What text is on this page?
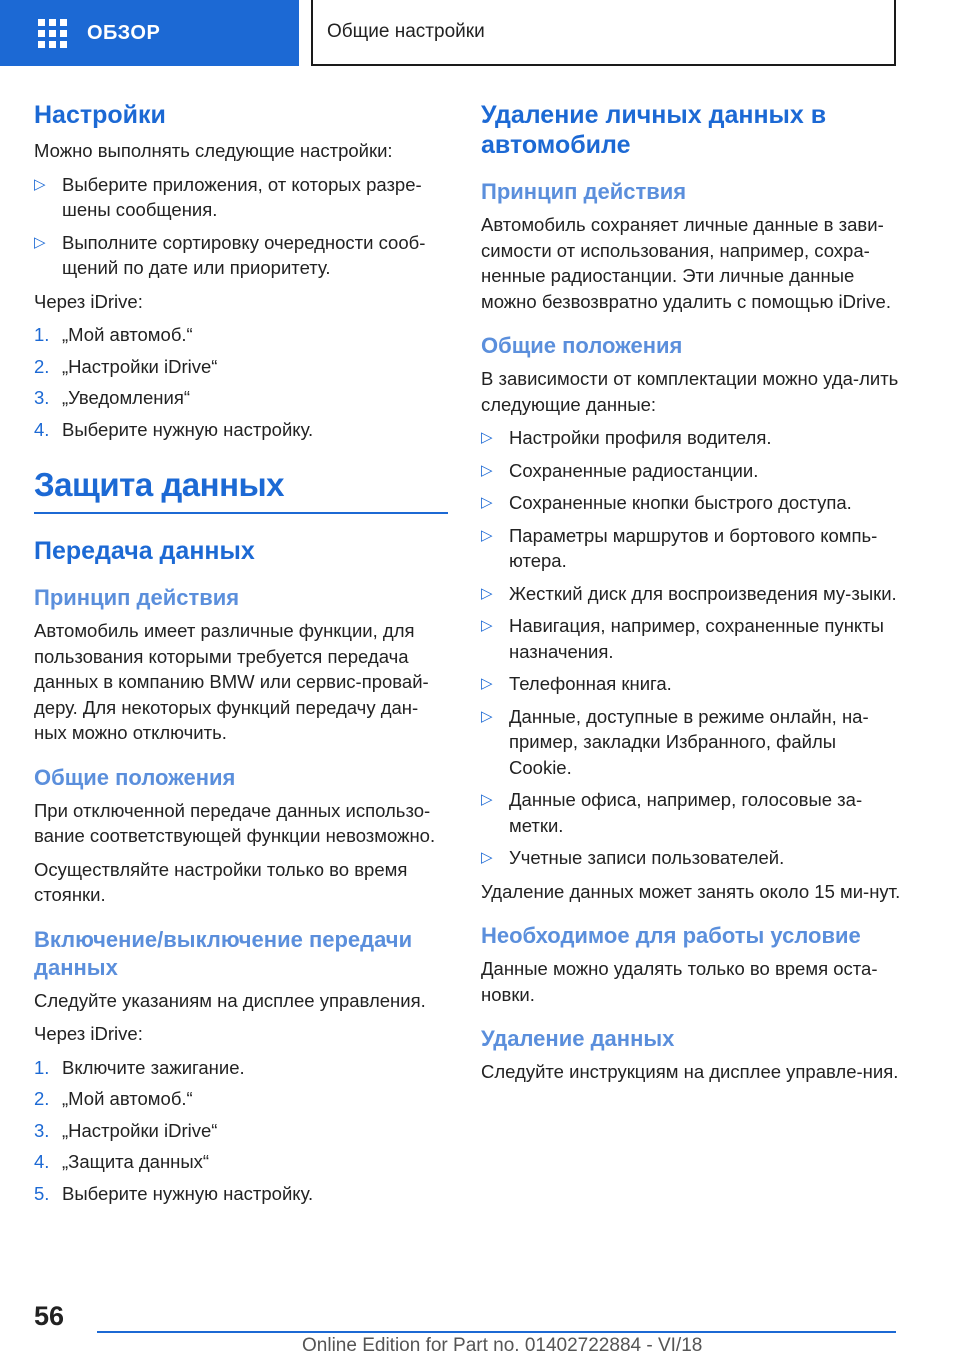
ОБЗОР	Общие настройки
Настройки

Можно выполнять следующие настройки:

▷ Выберите приложения, от которых разре-шены сообщения.
▷ Выполните сортировку очередности сооб-щений по дате или приоритету.

Через iDrive:

1. „Мой автомоб.“
2. „Настройки iDrive“
3. „Уведомления“
4. Выберите нужную настройку.
Защита данных
Передача данных
Принцип действия

Автомобиль имеет различные функции, для пользования которыми требуется передача данных в компанию BMW или сервис-провай-деру. Для некоторых функций передачу дан-ных можно отключить.

Общие положения

При отключенной передаче данных использо-вание соответствующей функции невозможно.

Осуществляйте настройки только во время стоянки.

Включение/выключение передачи данных

Следуйте указаниям на дисплее управления.

Через iDrive:

1. Включите зажигание.
2. „Мой автомоб.“
3. „Настройки iDrive“
4. „Защита данных“
5. Выберите нужную настройку.
Удаление личных данных в автомобиле
Принцип действия

Автомобиль сохраняет личные данные в зави-симости от использования, например, сохра-ненные радиостанции. Эти личные данные можно безвозвратно удалить с помощью iDrive.

Общие положения

В зависимости от комплектации можно уда-лить следующие данные:

▷ Настройки профиля водителя.
▷ Сохраненные радиостанции.
▷ Сохраненные кнопки быстрого доступа.
▷ Параметры маршрутов и бортового компь-ютера.
▷ Жесткий диск для воспроизведения му-зыки.
▷ Навигация, например, сохраненные пункты назначения.
▷ Телефонная книга.
▷ Данные, доступные в режиме онлайн, на-пример, закладки Избранного, файлы Cookie.
▷ Данные офиса, например, голосовые за-метки.
▷ Учетные записи пользователей.

Удаление данных может занять около 15 ми-нут.

Необходимое для работы условие

Данные можно удалять только во время оста-новки.

Удаление данных

Следуйте инструкциям на дисплее управле-ния.

56
Online Edition for Part no. 01402722884 - VI/18
